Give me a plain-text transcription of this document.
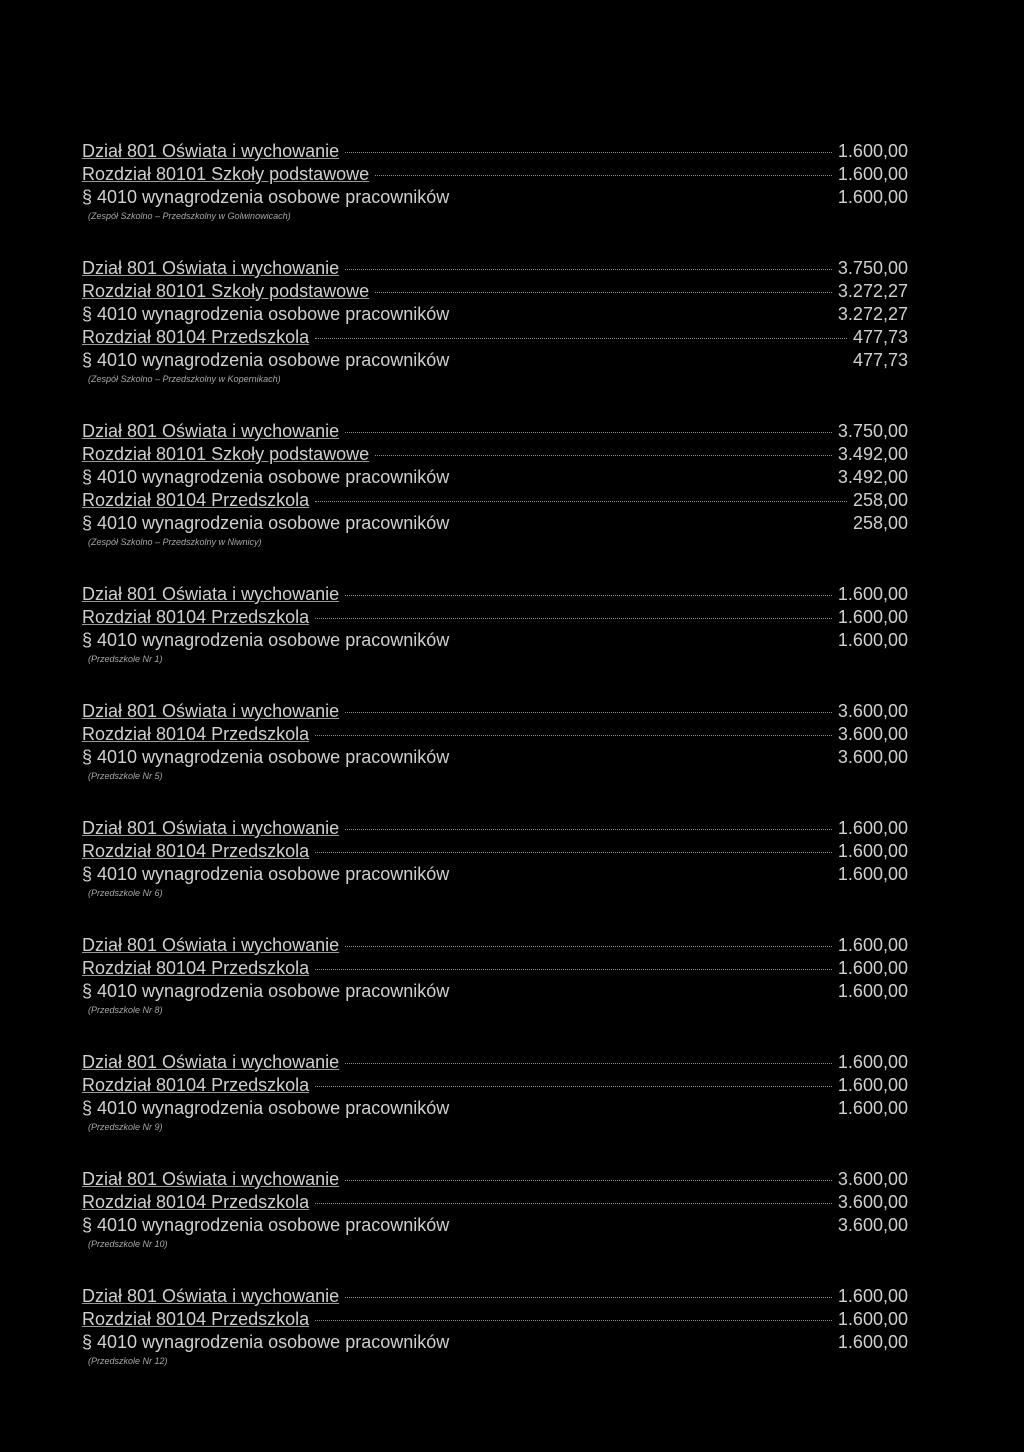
Dział 801 Oświata i wychowanie	1.600,00
Rozdział 80101 Szkoły podstawowe	1.600,00
§ 4010 wynagrodzenia osobowe pracowników	1.600,00
(Zespół Szkolno – Przedszkolny w Golwinowicach)
Dział 801 Oświata i wychowanie	3.750,00
Rozdział 80101 Szkoły podstawowe	3.272,27
§ 4010 wynagrodzenia osobowe pracowników	3.272,27
Rozdział 80104 Przedszkola	477,73
§ 4010 wynagrodzenia osobowe pracowników	477,73
(Zespół Szkolno – Przedszkolny w Kopernikach)
Dział 801 Oświata i wychowanie	3.750,00
Rozdział 80101 Szkoły podstawowe	3.492,00
§ 4010 wynagrodzenia osobowe pracowników	3.492,00
Rozdział 80104 Przedszkola	258,00
§ 4010 wynagrodzenia osobowe pracowników	258,00
(Zespół Szkolno – Przedszkolny w Niwnicy)
Dział 801 Oświata i wychowanie	1.600,00
Rozdział 80104 Przedszkola	1.600,00
§ 4010 wynagrodzenia osobowe pracowników	1.600,00
(Przedszkole Nr 1)
Dział 801 Oświata i wychowanie	3.600,00
Rozdział 80104 Przedszkola	3.600,00
§ 4010 wynagrodzenia osobowe pracowników	3.600,00
(Przedszkole Nr 5)
Dział 801 Oświata i wychowanie	1.600,00
Rozdział 80104 Przedszkola	1.600,00
§ 4010 wynagrodzenia osobowe pracowników	1.600,00
(Przedszkole Nr 6)
Dział 801 Oświata i wychowanie	1.600,00
Rozdział 80104 Przedszkola	1.600,00
§ 4010 wynagrodzenia osobowe pracowników	1.600,00
(Przedszkole Nr 8)
Dział 801 Oświata i wychowanie	1.600,00
Rozdział 80104 Przedszkola	1.600,00
§ 4010 wynagrodzenia osobowe pracowników	1.600,00
(Przedszkole Nr 9)
Dział 801 Oświata i wychowanie	3.600,00
Rozdział 80104 Przedszkola	3.600,00
§ 4010 wynagrodzenia osobowe pracowników	3.600,00
(Przedszkole Nr 10)
Dział 801 Oświata i wychowanie	1.600,00
Rozdział 80104 Przedszkola	1.600,00
§ 4010 wynagrodzenia osobowe pracowników	1.600,00
(Przedszkole Nr 12)
